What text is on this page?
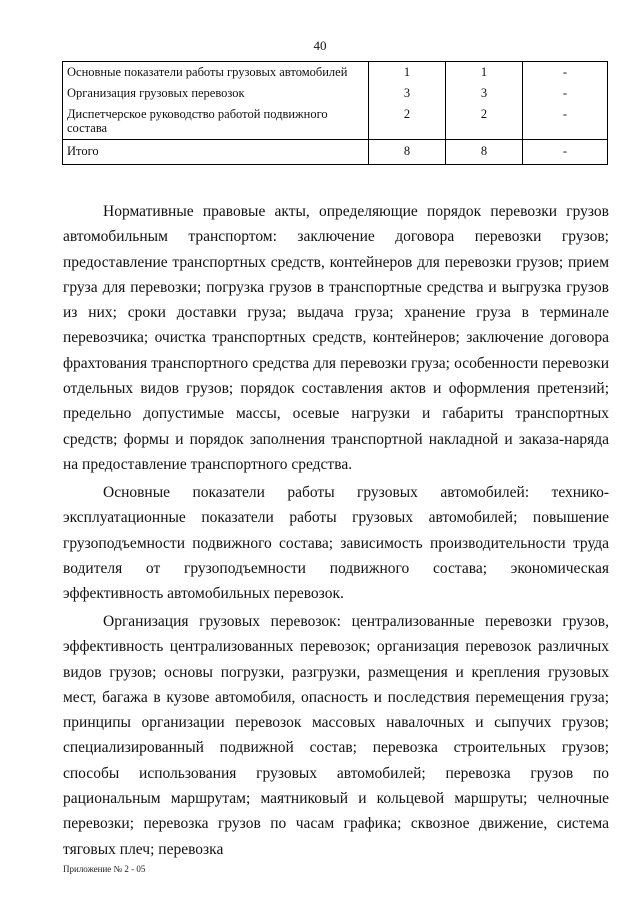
40
Основные показатели работы грузовых автомобилей	1	1	-
Организация грузовых перевозок	3	3	-
Диспетчерское руководство работой подвижного состава	2	2	-
Итого	8	8	-

Нормативные правовые акты, определяющие порядок перевозки грузов автомобильным транспортом: заключение договора перевозки грузов; предоставление транспортных средств, контейнеров для перевозки грузов; прием груза для перевозки; погрузка грузов в транспортные средства и выгрузка грузов из них; сроки доставки груза; выдача груза; хранение груза в терминале перевозчика; очистка транспортных средств, контейнеров; заключение договора фрахтования транспортного средства для перевозки груза; особенности перевозки отдельных видов грузов; порядок составления актов и оформления претензий; предельно допустимые массы, осевые нагрузки и габариты транспортных средств; формы и порядок заполнения транспортной накладной и заказа-наряда на предоставление транспортного средства.

Основные показатели работы грузовых автомобилей: технико-эксплуатационные показатели работы грузовых автомобилей; повышение грузоподъемности подвижного состава; зависимость производительности труда водителя от грузоподъемности подвижного состава; экономическая эффективность автомобильных перевозок.

Организация грузовых перевозок: централизованные перевозки грузов, эффективность централизованных перевозок; организация перевозок различных видов грузов; основы погрузки, разгрузки, размещения и крепления грузовых мест, багажа в кузове автомобиля, опасность и последствия перемещения груза; принципы организации перевозок массовых навалочных и сыпучих грузов; специализированный подвижной состав; перевозка строительных грузов; способы использования грузовых автомобилей; перевозка грузов по рациональным маршрутам; маятниковый и кольцевой маршруты; челночные перевозки; перевозка грузов по часам графика; сквозное движение, система тяговых плеч; перевозка

Приложение № 2 - 05
